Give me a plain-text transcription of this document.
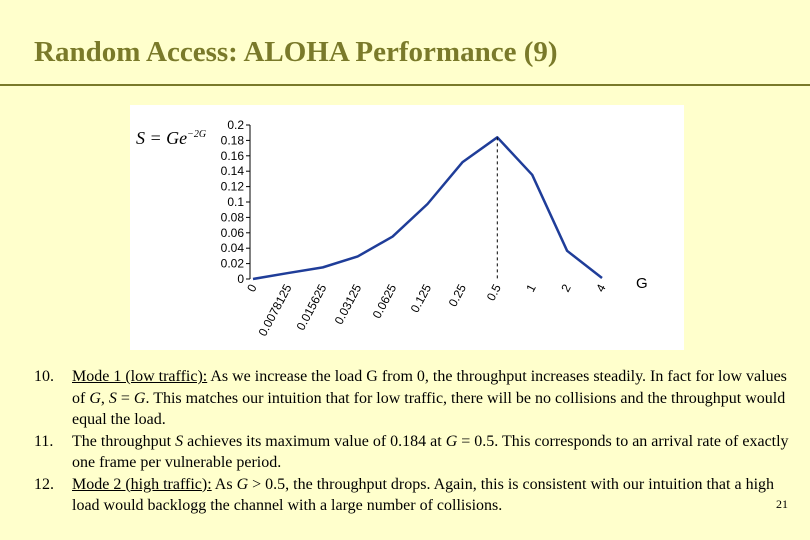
Random Access: ALOHA Performance (9)
0.2
0.18
0.16
0.14
0.12
0.1
0.08
0.06
0.04
0.02
0
0
0.0078125 0.015625 0.03125 0.0625 0.125 0.25 0.5 1 2 4 G
$S = Ge^{-2G}$
10.	Mode 1 (low traffic): As we increase the load G from 0, the throughput increases steadily. In fact for low values of G, S = G. This matches our intuition that for low traffic, there will be no collisions and the throughput would equal the load.
11.	The throughput S achieves its maximum value of 0.184 at G = 0.5. This corresponds to an arrival rate of exactly one frame per vulnerable period.
12.	Mode 2 (high traffic): As G > 0.5, the throughput drops. Again, this is consistent with our intuition that a high load would backlogg the channel with a large number of collisions.	21
